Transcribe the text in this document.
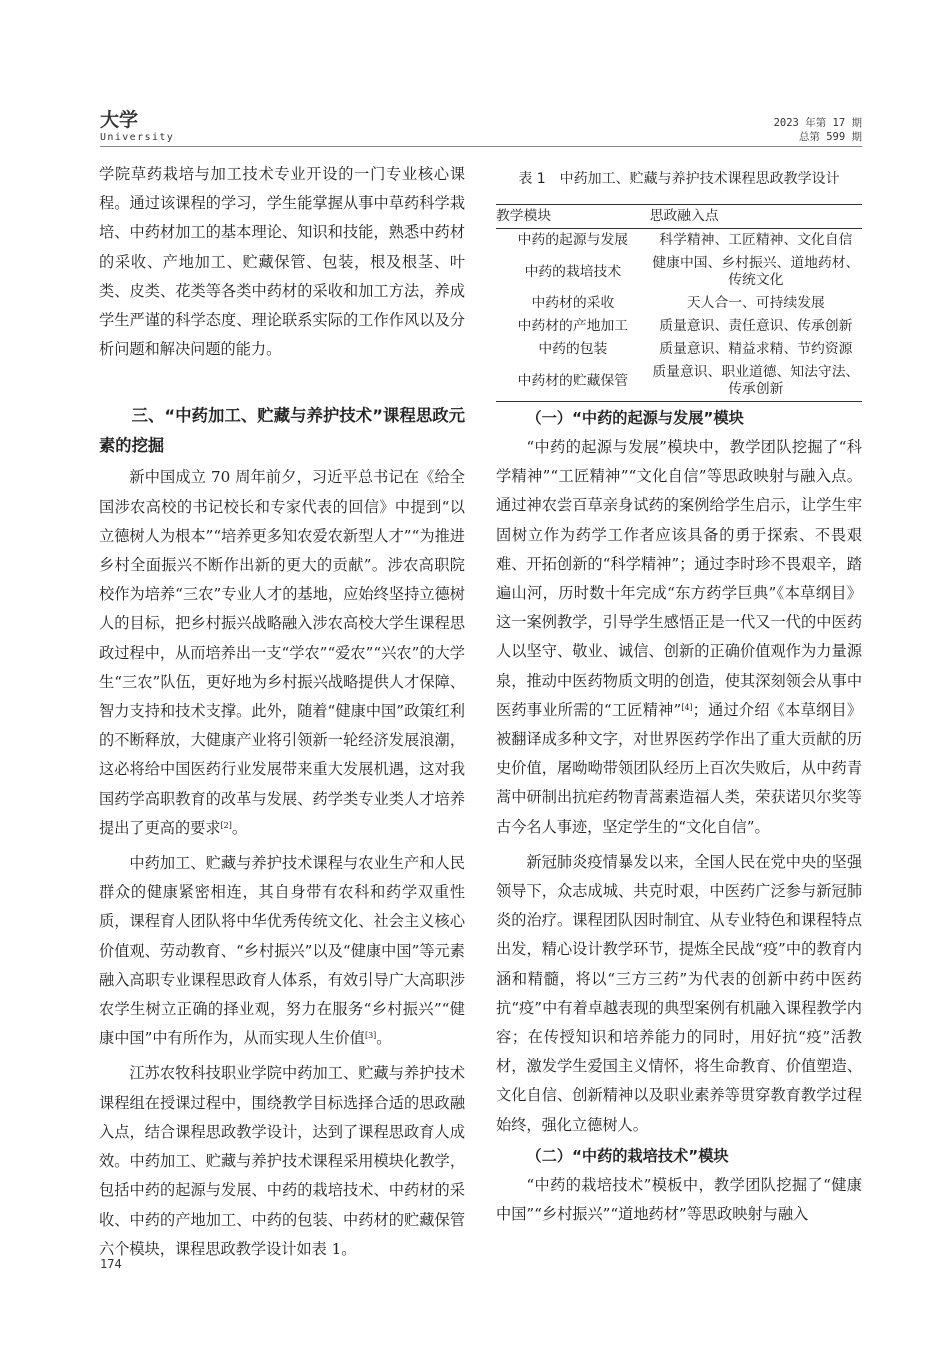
大学
University
2023 年第 17 期
总第 599 期

学院草药栽培与加工技术专业开设的一门专业核心课程。通过该课程的学习，学生能掌握从事中草药科学栽培、中药材加工的基本理论、知识和技能，熟悉中药材的采收、产地加工、贮藏保管、包装，根及根茎、叶类、皮类、花类等各类中药材的采收和加工方法，养成学生严谨的科学态度、理论联系实际的工作作风以及分析问题和解决问题的能力。

三、“中药加工、贮藏与养护技术”课程思政元素的挖掘

新中国成立 70 周年前夕，习近平总书记在《给全国涉农高校的书记校长和专家代表的回信》中提到“以立德树人为根本”“培养更多知农爱农新型人才”“为推进乡村全面振兴不断作出新的更大的贡献”。涉农高职院校作为培养“三农”专业人才的基地，应始终坚持立德树人的目标，把乡村振兴战略融入涉农高校大学生课程思政过程中，从而培养出一支“学农”“爱农”“兴农”的大学生“三农”队伍，更好地为乡村振兴战略提供人才保障、智力支持和技术支撑。此外，随着“健康中国”政策红利的不断释放，大健康产业将引领新一轮经济发展浪潮，这必将给中国医药行业发展带来重大发展机遇，这对我国药学高职教育的改革与发展、药学类专业类人才培养提出了更高的要求[2]。

中药加工、贮藏与养护技术课程与农业生产和人民群众的健康紧密相连，其自身带有农科和药学双重性质，课程育人团队将中华优秀传统文化、社会主义核心价值观、劳动教育、“乡村振兴”以及“健康中国”等元素融入高职专业课程思政育人体系，有效引导广大高职涉农学生树立正确的择业观，努力在服务“乡村振兴”“健康中国”中有所作为，从而实现人生价值[3]。

江苏农牧科技职业学院中药加工、贮藏与养护技术课程组在授课过程中，围绕教学目标选择合适的思政融入点，结合课程思政教学设计，达到了课程思政育人成效。中药加工、贮藏与养护技术课程采用模块化教学，包括中药的起源与发展、中药的栽培技术、中药材的采收、中药的产地加工、中药的包装、中药材的贮藏保管六个模块，课程思政教学设计如表 1。

表 1　中药加工、贮藏与养护技术课程思政教学设计
教学模块	思政融入点
中药的起源与发展	科学精神、工匠精神、文化自信
中药的栽培技术	健康中国、乡村振兴、道地药材、传统文化
中药材的采收	天人合一、可持续发展
中药材的产地加工	质量意识、责任意识、传承创新
中药的包装	质量意识、精益求精、节约资源
中药材的贮藏保管	质量意识、职业道德、知法守法、传承创新
（一）“中药的起源与发展”模块

“中药的起源与发展”模块中，教学团队挖掘了“科学精神”“工匠精神”“文化自信”等思政映射与融入点。通过神农尝百草亲身试药的案例给学生启示，让学生牢固树立作为药学工作者应该具备的勇于探索、不畏艰难、开拓创新的“科学精神”；通过李时珍不畏艰辛，踏遍山河，历时数十年完成“东方药学巨典”《本草纲目》这一案例教学，引导学生感悟正是一代又一代的中医药人以坚守、敬业、诚信、创新的正确价值观作为力量源泉，推动中医药物质文明的创造，使其深刻领会从事中医药事业所需的“工匠精神”[4]；通过介绍《本草纲目》被翻译成多种文字，对世界医药学作出了重大贡献的历史价值，屠呦呦带领团队经历上百次失败后，从中药青蒿中研制出抗疟药物青蒿素造福人类，荣获诺贝尔奖等古今名人事迹，坚定学生的“文化自信”。

新冠肺炎疫情暴发以来，全国人民在党中央的坚强领导下，众志成城、共克时艰，中医药广泛参与新冠肺炎的治疗。课程团队因时制宜、从专业特色和课程特点出发，精心设计教学环节，提炼全民战“疫”中的教育内涵和精髓，将以“三方三药”为代表的创新中药中医药抗“疫”中有着卓越表现的典型案例有机融入课程教学内容；在传授知识和培养能力的同时，用好抗“疫”活教材，激发学生爱国主义情怀，将生命教育、价值塑造、文化自信、创新精神以及职业素养等贯穿教育教学过程始终，强化立德树人。

（二）“中药的栽培技术”模块

“中药的栽培技术”模板中，教学团队挖掘了“健康中国”“乡村振兴”“道地药材”等思政映射与融入

174
